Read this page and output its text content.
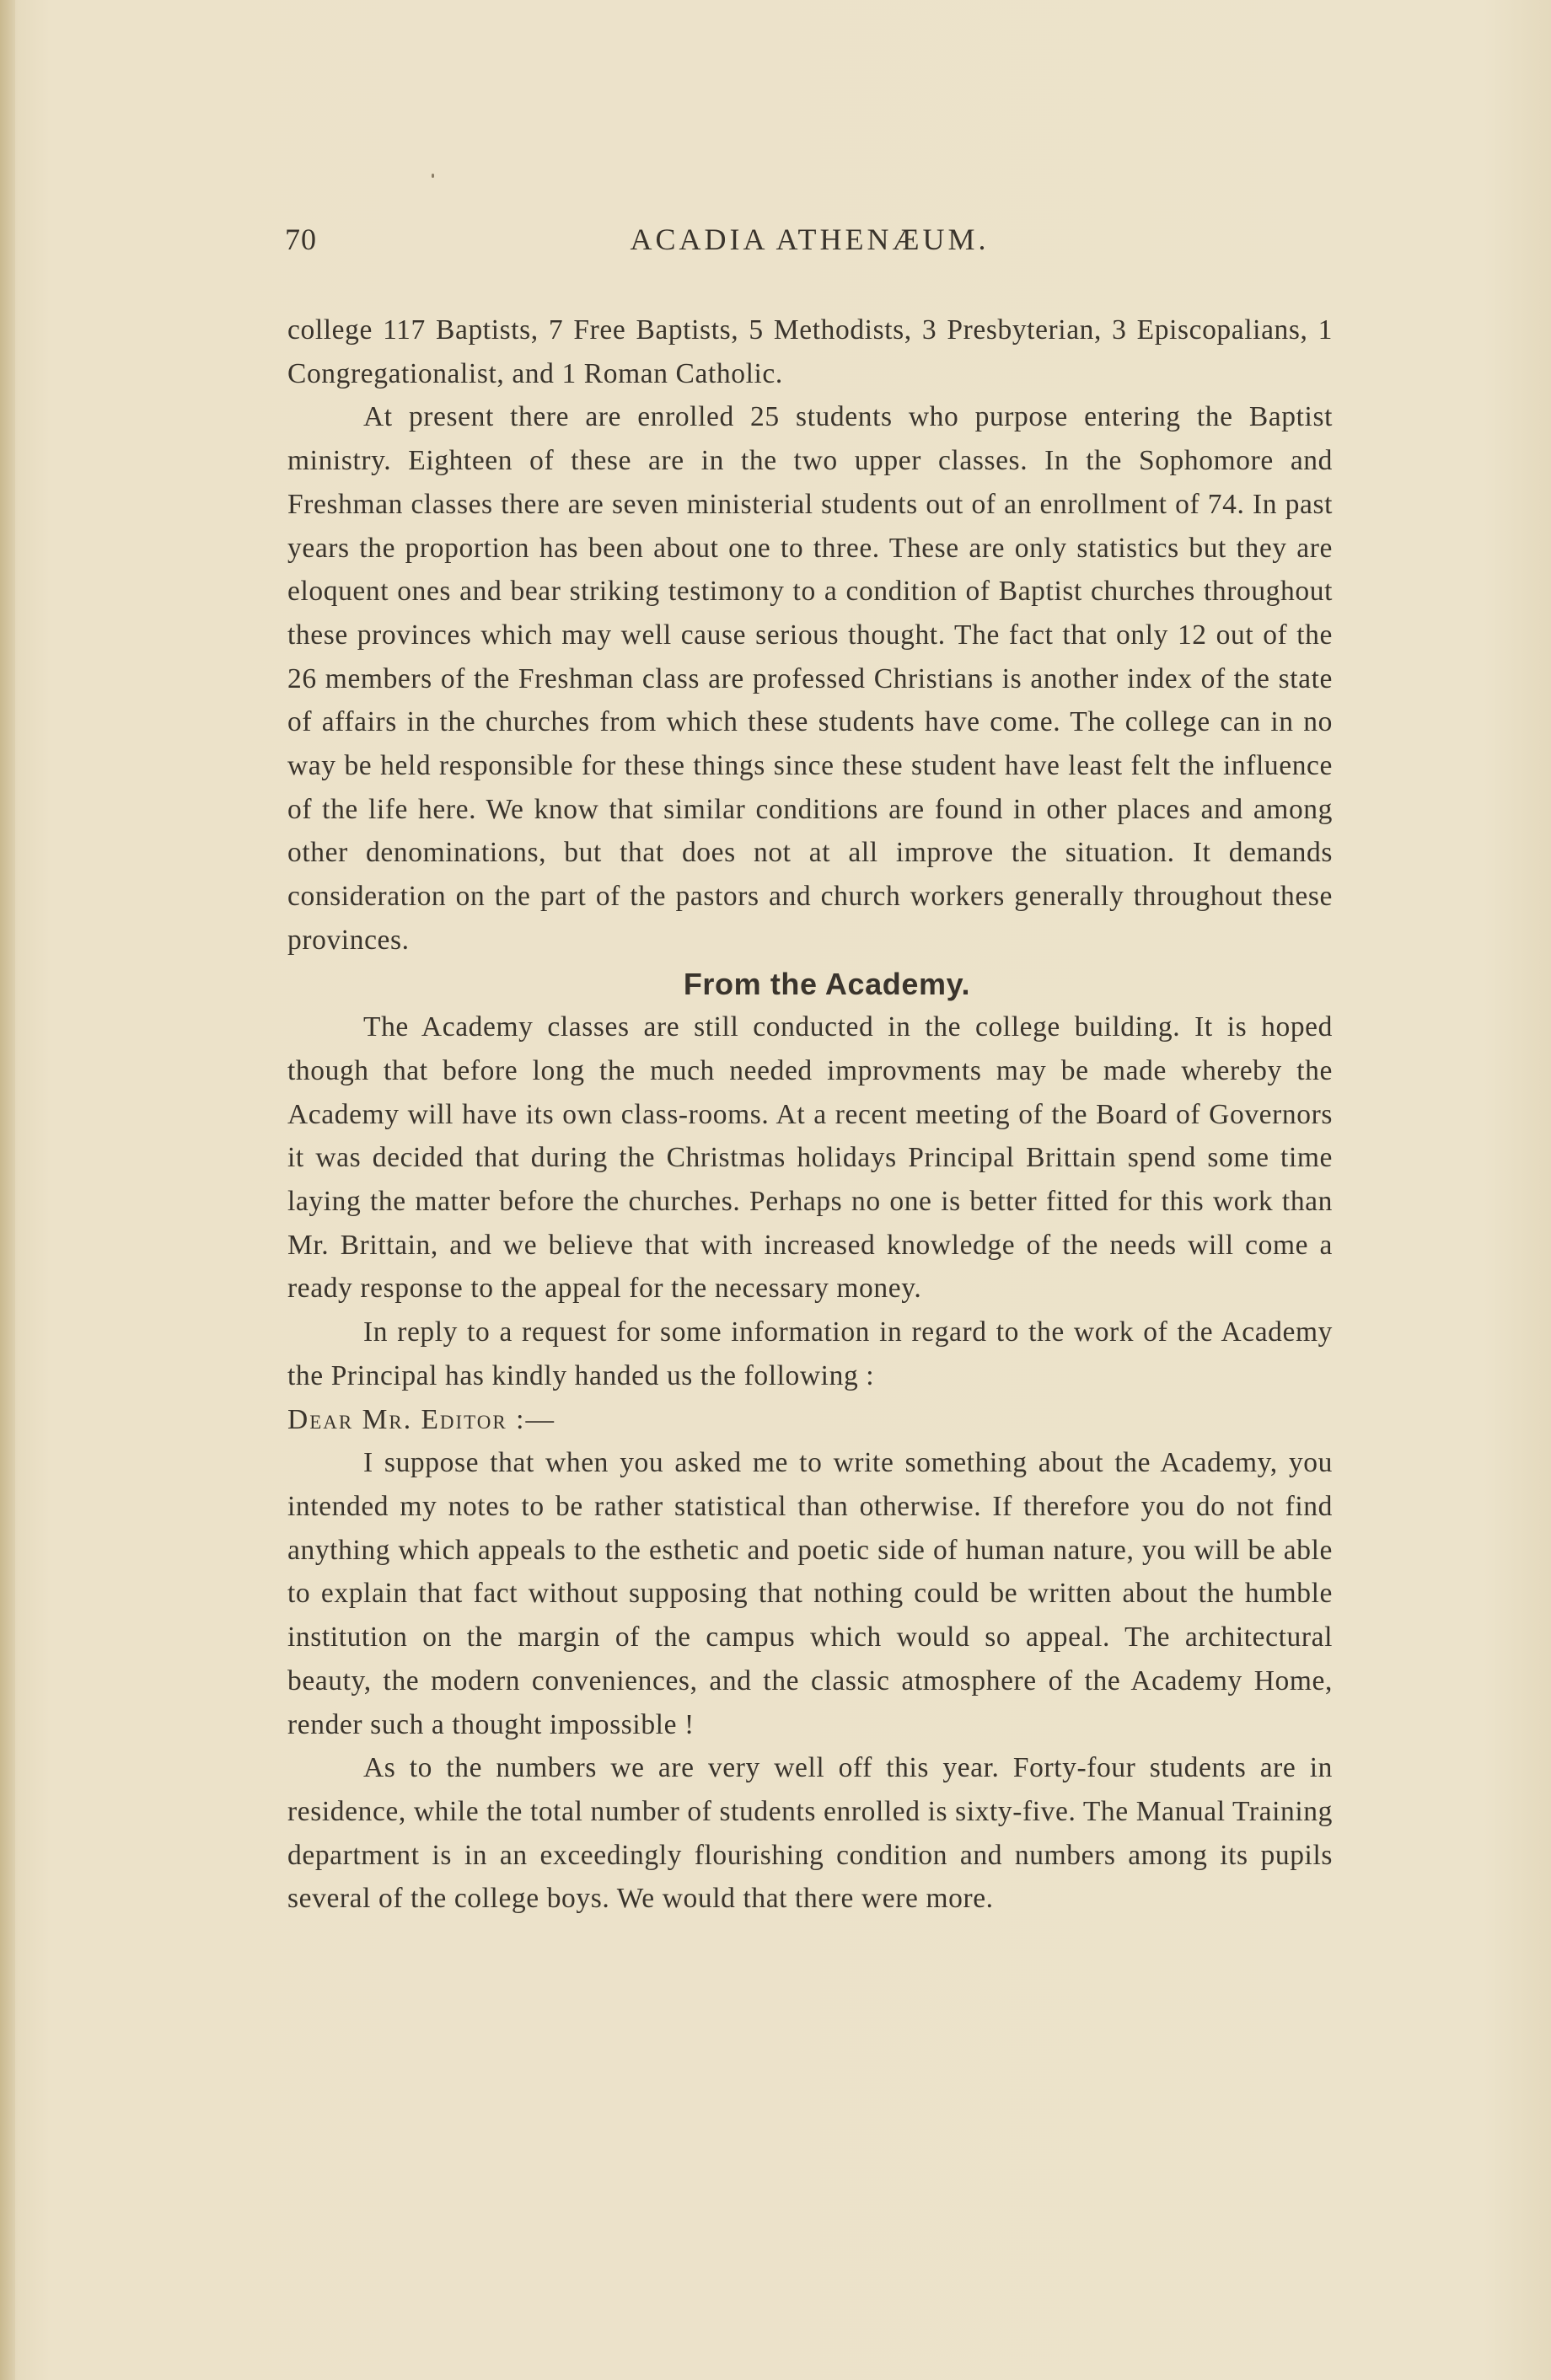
70	ACADIA ATHENÆUM.

college 117 Baptists, 7 Free Baptists, 5 Methodists, 3 Presbyterian, 3 Episcopalians, 1 Congregationalist, and 1 Roman Catholic.

At present there are enrolled 25 students who purpose entering the Baptist ministry. Eighteen of these are in the two upper classes. In the Sophomore and Freshman classes there are seven ministerial students out of an enrollment of 74. In past years the proportion has been about one to three. These are only statistics but they are eloquent ones and bear striking testimony to a condition of Baptist churches throughout these provinces which may well cause serious thought. The fact that only 12 out of the 26 members of the Freshman class are professed Christians is another index of the state of affairs in the churches from which these students have come. The college can in no way be held responsible for these things since these student have least felt the influence of the life here. We know that similar conditions are found in other places and among other denominations, but that does not at all improve the situation. It demands consideration on the part of the pastors and church workers generally throughout these provinces.

From the Academy.

The Academy classes are still conducted in the college building. It is hoped though that before long the much needed improvments may be made whereby the Academy will have its own class-rooms. At a recent meeting of the Board of Governors it was decided that during the Christmas holidays Principal Brittain spend some time laying the matter before the churches. Perhaps no one is better fitted for this work than Mr. Brittain, and we believe that with increased knowledge of the needs will come a ready response to the appeal for the necessary money.

In reply to a request for some information in regard to the work of the Academy the Principal has kindly handed us the following :

Dear Mr. Editor :—

I suppose that when you asked me to write something about the Academy, you intended my notes to be rather statistical than otherwise. If therefore you do not find anything which appeals to the esthetic and poetic side of human nature, you will be able to explain that fact without supposing that nothing could be written about the humble institution on the margin of the campus which would so appeal. The architectural beauty, the modern conveniences, and the classic atmosphere of the Academy Home, render such a thought impossible !

As to the numbers we are very well off this year. Forty-four students are in residence, while the total number of students enrolled is sixty-five. The Manual Training department is in an exceedingly flourishing condition and numbers among its pupils several of the college boys. We would that there were more.
